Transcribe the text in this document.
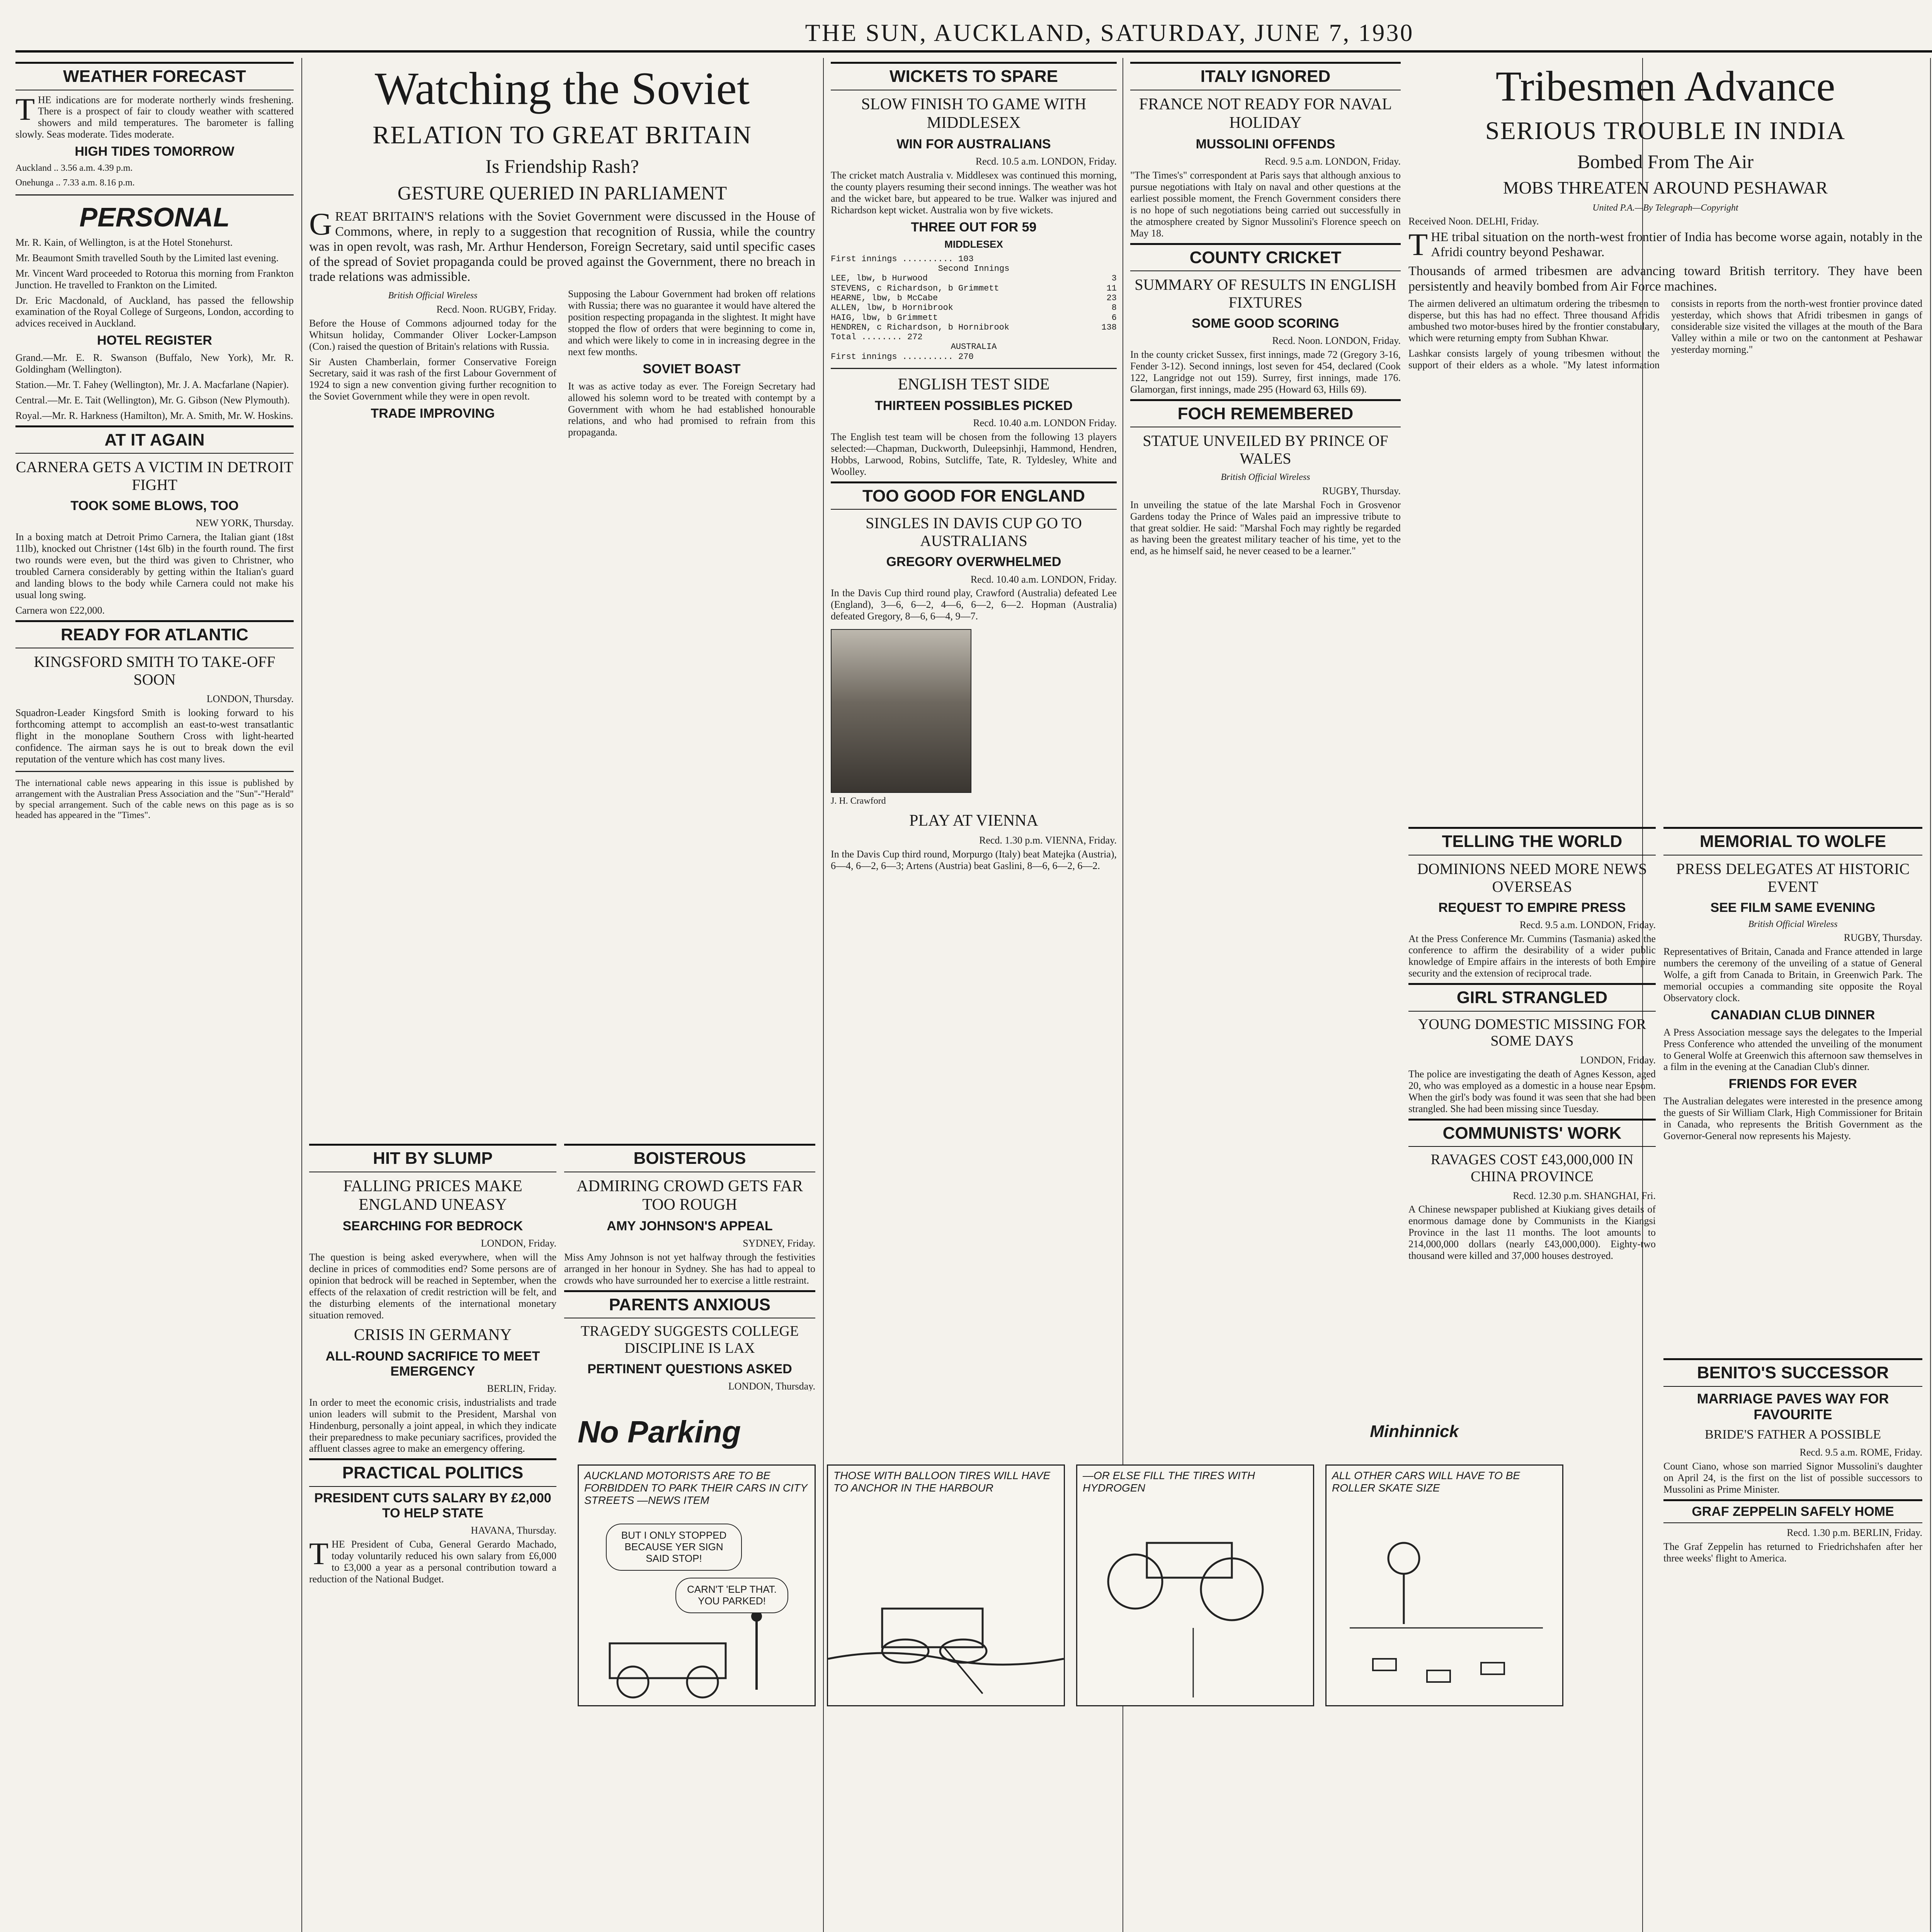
THE SUN, AUCKLAND, SATURDAY, JUNE 7, 1930
WEATHER FORECAST

THE indications are for moderate northerly winds freshening. There is a prospect of fair to cloudy weather with scattered showers and mild temperatures. The barometer is falling slowly. Seas moderate. Tides moderate.

HIGH TIDES TOMORROW

Auckland .. 3.56 a.m. 4.39 p.m.

Onehunga .. 7.33 a.m. 8.16 p.m.

PERSONAL

Mr. R. Kain, of Wellington, is at the Hotel Stonehurst.

Mr. Beaumont Smith travelled South by the Limited last evening.

Mr. Vincent Ward proceeded to Rotorua this morning from Frankton Junction. He travelled to Frankton on the Limited.

Dr. Eric Macdonald, of Auckland, has passed the fellowship examination of the Royal College of Surgeons, London, according to advices received in Auckland.

HOTEL REGISTER

Grand.—Mr. E. R. Swanson (Buffalo, New York), Mr. R. Goldingham (Wellington).

Station.—Mr. T. Fahey (Wellington), Mr. J. A. Macfarlane (Napier).

Central.—Mr. E. Tait (Wellington), Mr. G. Gibson (New Plymouth).

Royal.—Mr. R. Harkness (Hamilton), Mr. A. Smith, Mr. W. Hoskins.

AT IT AGAIN
CARNERA GETS A VICTIM IN DETROIT FIGHT
TOOK SOME BLOWS, TOO
NEW YORK, Thursday.

In a boxing match at Detroit Primo Carnera, the Italian giant (18st 11lb), knocked out Christner (14st 6lb) in the fourth round. The first two rounds were even, but the third was given to Christner, who troubled Carnera considerably by getting within the Italian's guard and landing blows to the body while Carnera could not make his usual long swing.

Carnera won £22,000.

READY FOR ATLANTIC
KINGSFORD SMITH TO TAKE-OFF SOON
LONDON, Thursday.

Squadron-Leader Kingsford Smith is looking forward to his forthcoming attempt to accomplish an east-to-west transatlantic flight in the monoplane Southern Cross with light-hearted confidence. The airman says he is out to break down the evil reputation of the venture which has cost many lives.

The international cable news appearing in this issue is published by arrangement with the Australian Press Association and the "Sun"-"Herald" by special arrangement. Such of the cable news on this page as is so headed has appeared in the "Times".

Watching the Soviet
RELATION TO GREAT BRITAIN
Is Friendship Rash?
GESTURE QUERIED IN PARLIAMENT

GREAT BRITAIN'S relations with the Soviet Government were discussed in the House of Commons, where, in reply to a suggestion that recognition of Russia, while the country was in open revolt, was rash, Mr. Arthur Henderson, Foreign Secretary, said until specific cases of the spread of Soviet propaganda could be proved against the Government, there no breach in trade relations was admissible.

British Official Wireless
Recd. Noon. RUGBY, Friday.

Before the House of Commons adjourned today for the Whitsun holiday, Commander Oliver Locker-Lampson (Con.) raised the question of Britain's relations with Russia.

Sir Austen Chamberlain, former Conservative Foreign Secretary, said it was rash of the first Labour Government of 1924 to sign a new convention giving further recognition to the Soviet Government while they were in open revolt.

TRADE IMPROVING

Supposing the Labour Government had broken off relations with Russia; there was no guarantee it would have altered the position respecting propaganda in the slightest. It might have stopped the flow of orders that were beginning to come in, and which were likely to come in in increasing degree in the next few months.

SOVIET BOAST

It was as active today as ever. The Foreign Secretary had allowed his solemn word to be treated with contempt by a Government with whom he had established honourable relations, and who had promised to refrain from this propaganda.

HIT BY SLUMP
FALLING PRICES MAKE ENGLAND UNEASY
SEARCHING FOR BEDROCK
LONDON, Friday.

The question is being asked everywhere, when will the decline in prices of commodities end? Some persons are of opinion that bedrock will be reached in September, when the effects of the relaxation of credit restriction will be felt, and the disturbing elements of the international monetary situation removed.

CRISIS IN GERMANY
ALL-ROUND SACRIFICE TO MEET EMERGENCY
BERLIN, Friday.

In order to meet the economic crisis, industrialists and trade union leaders will submit to the President, Marshal von Hindenburg, personally a joint appeal, in which they indicate their preparedness to make pecuniary sacrifices, provided the affluent classes agree to make an emergency offering.

PRACTICAL POLITICS
PRESIDENT CUTS SALARY BY £2,000 TO HELP STATE
HAVANA, Thursday.

THE President of Cuba, General Gerardo Machado, today voluntarily reduced his own salary from £6,000 to £3,000 a year as a personal contribution toward a reduction of the National Budget.

BOISTEROUS
ADMIRING CROWD GETS FAR TOO ROUGH
AMY JOHNSON'S APPEAL
SYDNEY, Friday.

Miss Amy Johnson is not yet halfway through the festivities arranged in her honour in Sydney. She has had to appeal to crowds who have surrounded her to exercise a little restraint.

PARENTS ANXIOUS
TRAGEDY SUGGESTS COLLEGE DISCIPLINE IS LAX
PERTINENT QUESTIONS ASKED
LONDON, Thursday.

WICKETS TO SPARE
SLOW FINISH TO GAME WITH MIDDLESEX
WIN FOR AUSTRALIANS
Recd. 10.5 a.m. LONDON, Friday.

The cricket match Australia v. Middlesex was continued this morning, the county players resuming their second innings. The weather was hot and the wicket bare, but appeared to be true. Walker was injured and Richardson kept wicket. Australia won by five wickets.

THREE OUT FOR 59
MIDDLESEX
First innings .......... 103
Second Innings
LEE, lbw, b Hurwood	3
STEVENS, c Richardson, b Grimmett	11
HEARNE, lbw, b McCabe	23
ALLEN, lbw, b Hornibrook	8
HAIG, lbw, b Grimmett	6
HENDREN, c Richardson, b Hornibrook	138
Total ........ 272
AUSTRALIA
First innings .......... 270
ENGLISH TEST SIDE
THIRTEEN POSSIBLES PICKED
Recd. 10.40 a.m. LONDON Friday.

The English test team will be chosen from the following 13 players selected:—Chapman, Duckworth, Duleepsinhji, Hammond, Hendren, Hobbs, Larwood, Robins, Sutcliffe, Tate, R. Tyldesley, White and Woolley.

TOO GOOD FOR ENGLAND
SINGLES IN DAVIS CUP GO TO AUSTRALIANS
GREGORY OVERWHELMED
Recd. 10.40 a.m. LONDON, Friday.

In the Davis Cup third round play, Crawford (Australia) defeated Lee (England), 3—6, 6—2, 4—6, 6—2, 6—2. Hopman (Australia) defeated Gregory, 8—6, 6—4, 9—7.

J. H. Crawford
PLAY AT VIENNA
Recd. 1.30 p.m. VIENNA, Friday.

In the Davis Cup third round, Morpurgo (Italy) beat Matejka (Austria), 6—4, 6—2, 6—3; Artens (Austria) beat Gaslini, 8—6, 6—2, 6—2.

ITALY IGNORED
FRANCE NOT READY FOR NAVAL HOLIDAY
MUSSOLINI OFFENDS
Recd. 9.5 a.m. LONDON, Friday.

"The Times's" correspondent at Paris says that although anxious to pursue negotiations with Italy on naval and other questions at the earliest possible moment, the French Government considers there is no hope of such negotiations being carried out successfully in the atmosphere created by Signor Mussolini's Florence speech on May 18.

COUNTY CRICKET
SUMMARY OF RESULTS IN ENGLISH FIXTURES
SOME GOOD SCORING
Recd. Noon. LONDON, Friday.

In the county cricket Sussex, first innings, made 72 (Gregory 3-16, Fender 3-12). Second innings, lost seven for 454, declared (Cook 122, Langridge not out 159). Surrey, first innings, made 176. Glamorgan, first innings, made 295 (Howard 63, Hills 69).

FOCH REMEMBERED
STATUE UNVEILED BY PRINCE OF WALES
British Official Wireless
RUGBY, Thursday.

In unveiling the statue of the late Marshal Foch in Grosvenor Gardens today the Prince of Wales paid an impressive tribute to that great soldier. He said: "Marshal Foch may rightly be regarded as having been the greatest military teacher of his time, yet to the end, as he himself said, he never ceased to be a learner."

Tribesmen Advance
SERIOUS TROUBLE IN INDIA
Bombed From The Air
MOBS THREATEN AROUND PESHAWAR
United P.A.—By Telegraph—Copyright
Received Noon. DELHI, Friday.

THE tribal situation on the north-west frontier of India has become worse again, notably in the Afridi country beyond Peshawar.

Thousands of armed tribesmen are advancing toward British territory. They have been persistently and heavily bombed from Air Force machines.

The airmen delivered an ultimatum ordering the tribesmen to disperse, but this has had no effect. Three thousand Afridis ambushed two motor-buses hired by the frontier constabulary, which were returning empty from Subhan Khwar.

Lashkar consists largely of young tribesmen without the support of their elders as a whole. "My latest information consists in reports from the north-west frontier province dated yesterday, which shows that Afridi tribesmen in gangs of considerable size visited the villages at the mouth of the Bara Valley within a mile or two on the cantonment at Peshawar yesterday morning."

TELLING THE WORLD
DOMINIONS NEED MORE NEWS OVERSEAS
REQUEST TO EMPIRE PRESS
Recd. 9.5 a.m. LONDON, Friday.

At the Press Conference Mr. Cummins (Tasmania) asked the conference to affirm the desirability of a wider public knowledge of Empire affairs in the interests of both Empire security and the extension of reciprocal trade.

GIRL STRANGLED
YOUNG DOMESTIC MISSING FOR SOME DAYS
LONDON, Friday.

The police are investigating the death of Agnes Kesson, aged 20, who was employed as a domestic in a house near Epsom. When the girl's body was found it was seen that she had been strangled. She had been missing since Tuesday.

COMMUNISTS' WORK
RAVAGES COST £43,000,000 IN CHINA PROVINCE
Recd. 12.30 p.m. SHANGHAI, Fri.

A Chinese newspaper published at Kiukiang gives details of enormous damage done by Communists in the Kiangsi Province in the last 11 months. The loot amounts to 214,000,000 dollars (nearly £43,000,000). Eighty-two thousand were killed and 37,000 houses destroyed.

MEMORIAL TO WOLFE
PRESS DELEGATES AT HISTORIC EVENT
SEE FILM SAME EVENING
British Official Wireless
RUGBY, Thursday.

Representatives of Britain, Canada and France attended in large numbers the ceremony of the unveiling of a statue of General Wolfe, a gift from Canada to Britain, in Greenwich Park. The memorial occupies a commanding site opposite the Royal Observatory clock.

CANADIAN CLUB DINNER

A Press Association message says the delegates to the Imperial Press Conference who attended the unveiling of the monument to General Wolfe at Greenwich this afternoon saw themselves in a film in the evening at the Canadian Club's dinner.

FRIENDS FOR EVER

The Australian delegates were interested in the presence among the guests of Sir William Clark, High Commissioner for Britain in Canada, who represents the British Government as the Governor-General now represents his Majesty.

BENITO'S SUCCESSOR
MARRIAGE PAVES WAY FOR FAVOURITE
BRIDE'S FATHER A POSSIBLE
Recd. 9.5 a.m. ROME, Friday.

Count Ciano, whose son married Signor Mussolini's daughter on April 24, is the first on the list of possible successors to Mussolini as Prime Minister.

GRAF ZEPPELIN SAFELY HOME
Recd. 1.30 p.m. BERLIN, Friday.

The Graf Zeppelin has returned to Friedrichshafen after her three weeks' flight to America.

No Parking	Minhinnick
AUCKLAND MOTORISTS ARE TO BE FORBIDDEN TO PARK THEIR CARS IN CITY STREETS —NEWS ITEM
BUT I ONLY STOPPED BECAUSE YER SIGN SAID STOP!
CARN'T 'ELP THAT. YOU PARKED!
THOSE WITH BALLOON TIRES WILL HAVE TO ANCHOR IN THE HARBOUR
—OR ELSE FILL THE TIRES WITH HYDROGEN
ALL OTHER CARS WILL HAVE TO BE ROLLER SKATE SIZE
